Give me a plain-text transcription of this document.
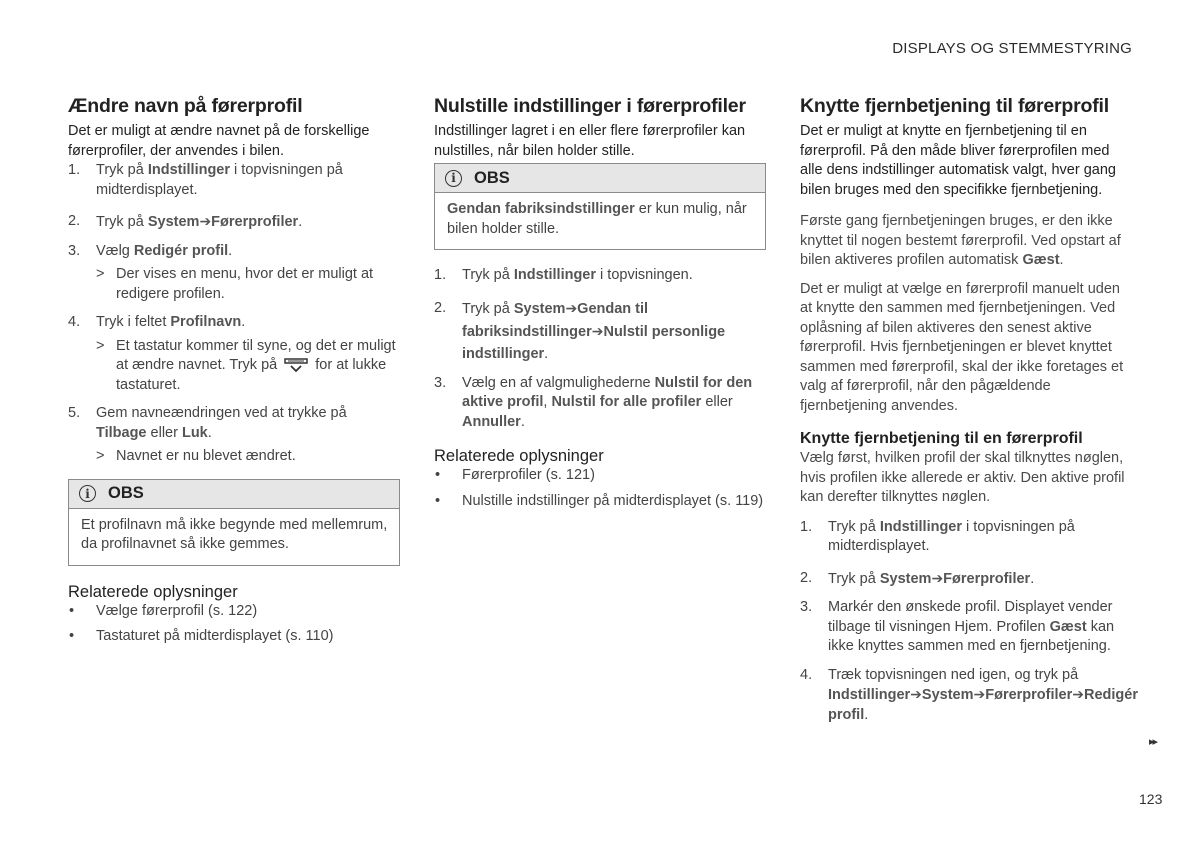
DISPLAYS OG STEMMESTYRING
Ændre navn på førerprofil

Det er muligt at ændre navnet på de forskellige førerprofiler, der anvendes i bilen.

1. Tryk på Indstillinger i topvisningen på midterdisplayet.
2. Tryk på System➔Førerprofiler.
3. Vælg Redigér profil.
> Der vises en menu, hvor det er muligt at redigere profilen.
4. Tryk i feltet Profilnavn.
> Et tastatur kommer til syne, og det er muligt at ændre navnet. Tryk på	for at lukke tastaturet.
5. Gem navneændringen ved at trykke på Tilbage eller Luk.
> Navnet er nu blevet ændret.
i	OBS
Et profilnavn må ikke begynde med mellemrum, da profilnavnet så ikke gemmes.
Relaterede oplysninger
• Vælge førerprofil (s. 122)
• Tastaturet på midterdisplayet (s. 110)
Nulstille indstillinger i førerprofiler

Indstillinger lagret i en eller flere førerprofiler kan nulstilles, når bilen holder stille.

i	OBS
Gendan fabriksindstillinger er kun mulig, når bilen holder stille.
1. Tryk på Indstillinger i topvisningen.
2. Tryk på System➔Gendan til fabriksindstillinger➔Nulstil personlige indstillinger.
3. Vælg en af valgmulighederne Nulstil for den aktive profil, Nulstil for alle profiler eller Annuller.
Relaterede oplysninger
• Førerprofiler (s. 121)
• Nulstille indstillinger på midterdisplayet (s. 119)
Knytte fjernbetjening til førerprofil

Det er muligt at knytte en fjernbetjening til en førerprofil. På den måde bliver førerprofilen med alle dens indstillinger automatisk valgt, hver gang bilen bruges med den specifikke fjernbetjening.

Første gang fjernbetjeningen bruges, er den ikke knyttet til nogen bestemt førerprofil. Ved opstart af bilen aktiveres profilen automatisk Gæst.

Det er muligt at vælge en førerprofil manuelt uden at knytte den sammen med fjernbetjeningen. Ved oplåsning af bilen aktiveres den senest aktive førerprofil. Hvis fjernbetjeningen er blevet knyttet sammen med førerprofil, skal der ikke foretages et valg af førerprofil, når den pågældende fjernbetjening anvendes.

Knytte fjernbetjening til en førerprofil

Vælg først, hvilken profil der skal tilknyttes nøglen, hvis profilen ikke allerede er aktiv. Den aktive profil kan derefter tilknyttes nøglen.

1. Tryk på Indstillinger i topvisningen på midterdisplayet.
2. Tryk på System➔Førerprofiler.
3. Markér den ønskede profil. Displayet vender tilbage til visningen Hjem. Profilen Gæst kan ikke knyttes sammen med en fjernbetjening.
4. Træk topvisningen ned igen, og tryk på Indstillinger➔System➔Førerprofiler➔Redigér profil.
▸▸
123
